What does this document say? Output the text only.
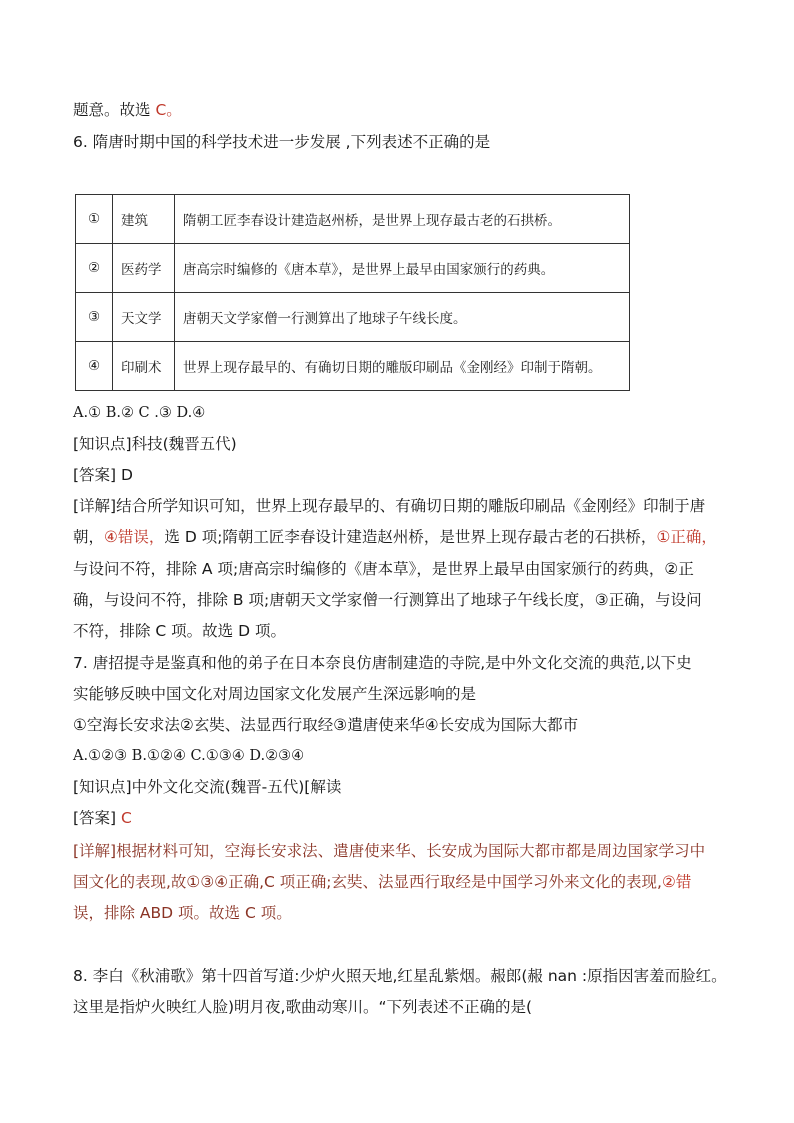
题意。故选 C。
6. 隋唐时期中国的科学技术进一步发展 ,下列表述不正确的是
①	建筑	隋朝工匠李春设计建造赵州桥，是世界上现存最古老的石拱桥。
②	医药学	唐高宗时编修的《唐本草》，是世界上最早由国家颁行的药典。
③	天文学	唐朝天文学家僧一行测算出了地球子午线长度。
④	印刷术	世界上现存最早的、有确切日期的雕版印刷品《金刚经》印制于隋朝。
A.① B.② C .③ D.④
[知识点]科技(魏晋五代)
[答案] D
[详解]结合所学知识可知，世界上现存最早的、有确切日期的雕版印刷品《金刚经》印制于唐
朝，④错误，选 D 项;隋朝工匠李春设计建造赵州桥，是世界上现存最古老的石拱桥，①正确，
与设问不符，排除 A 项;唐高宗时编修的《唐本草》，是世界上最早由国家颁行的药典，②正
确，与设问不符，排除 B 项;唐朝天文学家僧一行测算出了地球子午线长度，③正确，与设问
不符，排除 C 项。故选 D 项。
7. 唐招提寺是鉴真和他的弟子在日本奈良仿唐制建造的寺院,是中外文化交流的典范,以下史
实能够反映中国文化对周边国家文化发展产生深远影响的是
①空海长安求法②玄奘、法显西行取经③遣唐使来华④长安成为国际大都市
A.①②③ B.①②④ C.①③④ D.②③④
[知识点]中外文化交流(魏晋-五代)[解读
[答案] C
[详解]根据材料可知，空海长安求法、遣唐使来华、长安成为国际大都市都是周边国家学习中
国文化的表现,故①③④正确,C 项正确;玄奘、法显西行取经是中国学习外来文化的表现,②错
误，排除 ABD 项。故选 C 项。
8. 李白《秋浦歌》第十四首写道:少炉火照天地,红星乱紫烟。赧郎(赧 nan :原指因害羞而脸红。
这里是指炉火映红人脸)明月夜,歌曲动寒川。“下列表述不正确的是(
